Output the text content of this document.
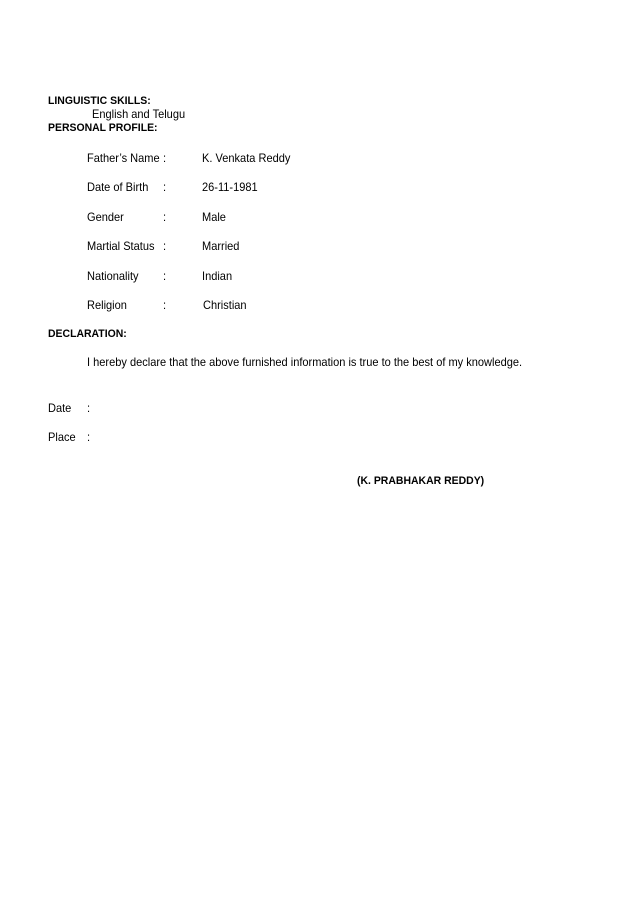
LINGUISTIC SKILLS:
English and Telugu
PERSONAL PROFILE:
Father’s Name :	K. Venkata Reddy
Date of Birth :	26-11-1981
Gender	:	Male
Martial Status :	Married
Nationality :	Indian
Religion	:	Christian
DECLARATION:
I hereby declare that the above furnished information is true to the best of my knowledge.
Date :
Place :
(K. PRABHAKAR REDDY)
